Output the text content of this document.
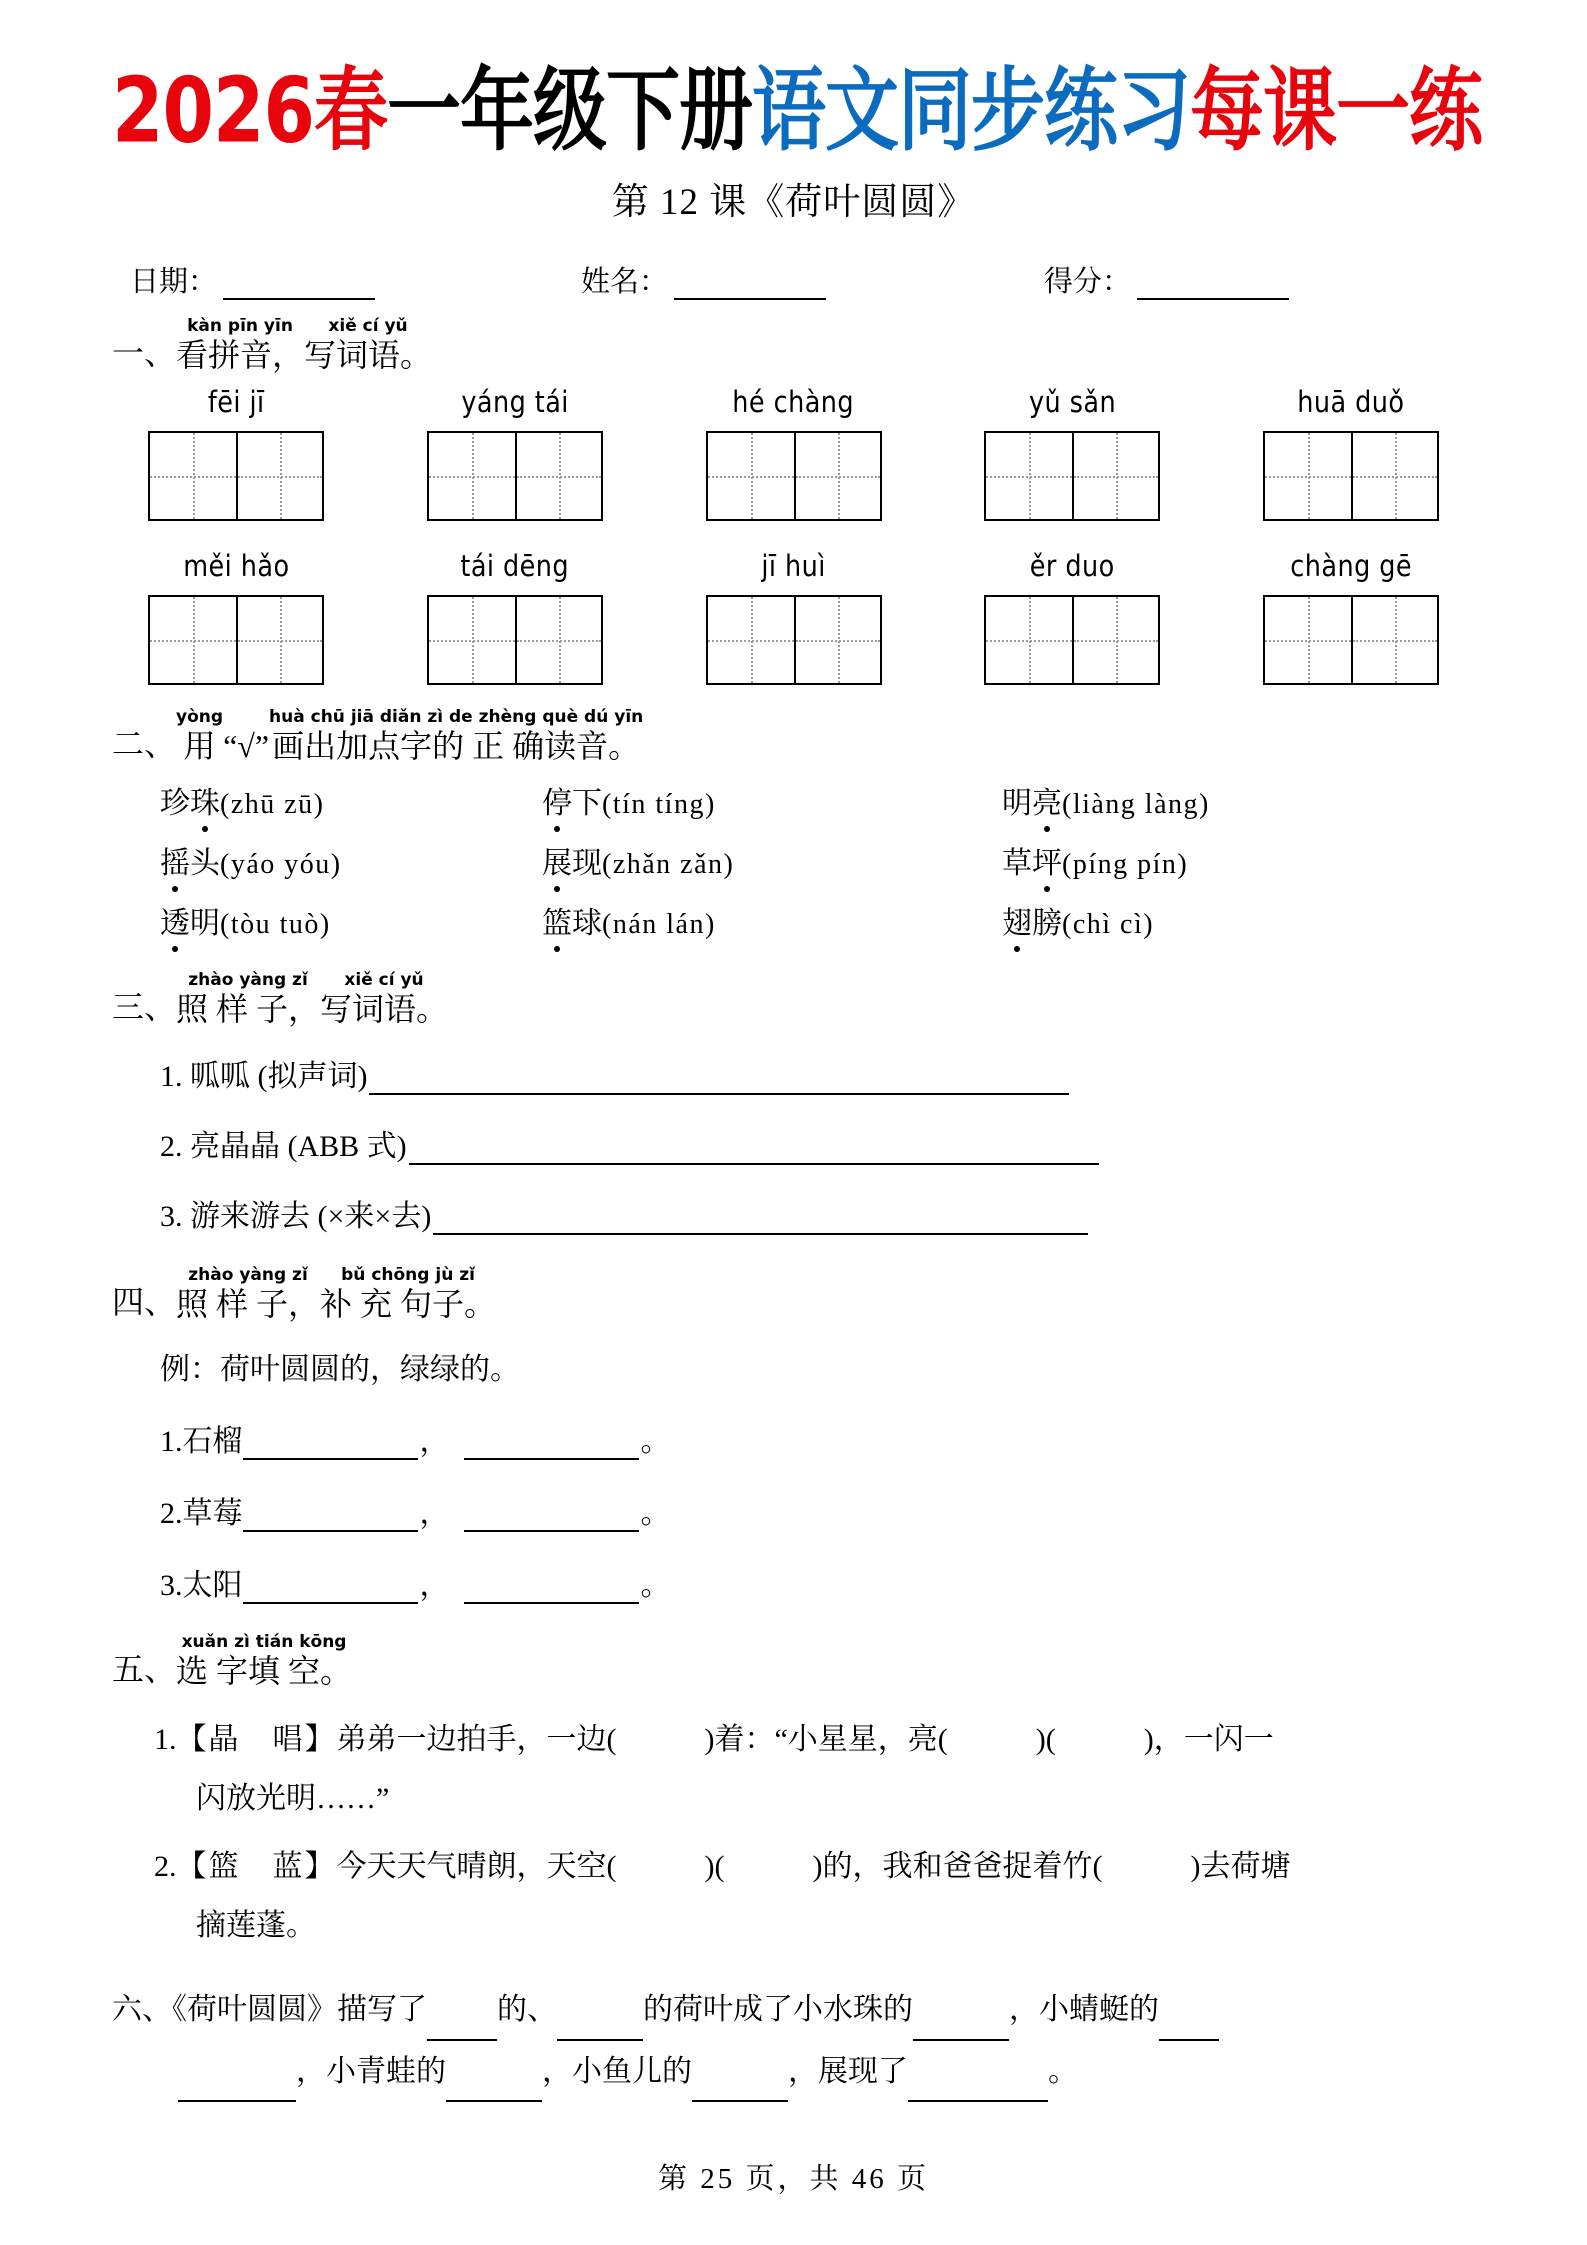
2026春一年级下册语文同步练习每课一练
第 12 课《荷叶圆圆》
日期：	姓名：	得分：
一、
kàn pīn yīn
看拼音，
xiě cí yǔ
写词语。
fēi jī	yáng tái	hé chàng	yǔ sǎn	huā duǒ
měi hǎo	tái dēng	jī huì	ěr duo	chàng gē
二、
yòng
用 “√”
huà chū jiā diǎn zì de zhèng què dú yīn
画出加点字的 正 确读音。
珍珠(zhū zū)	停下(tín tíng)	明亮(liàng làng)
摇头(yáo yóu)	展现(zhǎn zǎn)	草坪(píng pín)
透明(tòu tuò)	篮球(nán lán)	翅膀(chì cì)
三、
zhào yàng zǐ
照 样 子，
xiě cí yǔ
写词语。
1. 呱呱 (拟声词)
2. 亮晶晶 (ABB 式)
3. 游来游去 (×来×去)
四、
zhào yàng zǐ
照 样 子，
bǔ chōng jù zǐ
补 充 句子。
例：荷叶圆圆的，绿绿的。
1.石榴	，	。
2.草莓	，	。
3.太阳	，	。
五、
xuǎn zì tián kōng
选 字填 空。
1.【晶　唱】弟弟一边拍手，一边(　　	)着：“小星星，亮(　　	)(　　	)，一闪一
闪放光明……”
2.【篮　蓝】今天天气晴朗，天空(　　	)(　　	)的，我和爸爸捉着竹(　　	)去荷塘
摘莲蓬。
六、《荷叶圆圆》描写了 的、	的荷叶成了小水珠的	，小蜻蜓的
，小青蛙的	，小鱼儿的	，展现了	。
第 25 页，共 46 页
